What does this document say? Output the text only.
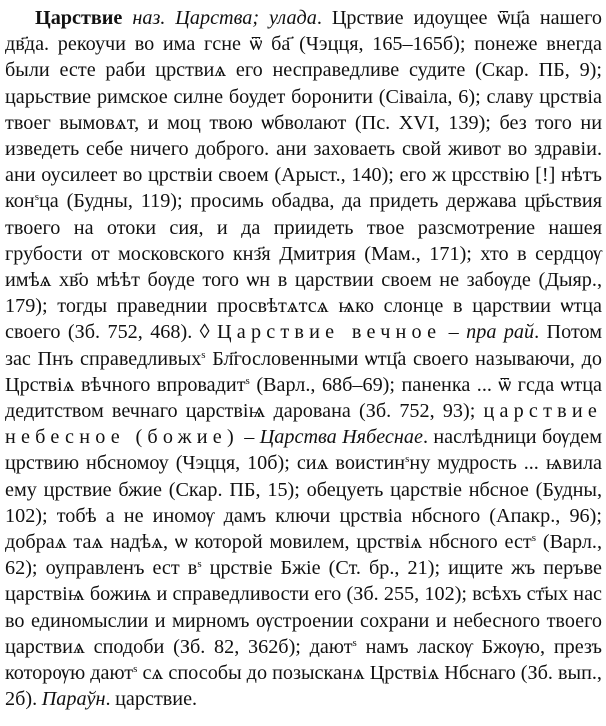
Царствие наз. Царства; улада. Црствие идоущее ѿц҃а нашего дв҃да. рекоучи во има гсне ѿ ба҃ (Чэцця, 165–165б); понеже внегда были есте раби црствиѧ его несправедливе судите (Скар. ПБ, 9); царьствие римское силне боудет боронити (Сіваіла, 6); славу црствіа твоег вымовѧт, и моц твою ѡбволают (Пс. XVI, 139); без того ни изведеть себе ничего доброго. ани заховаеть свой живот во здравіи. ани оусилеет во црствіи своем (Арыст., 140); его ж црсствію [!] нѣтъ кон$^s$ца (Будны, 119); просимь обадва, да придеть держава цр҃ьствия твоего на отоки сия, и да приидеть твое разсмотрение нашея грубости от московского кнз҃я Дмитрия (Мам., 171); хто в сердцѹ имѣѧ хв҃о мѣѣт бѹде того ѡн в царствии своем не забѹде (Дыяр., 179); тогды праведнии просвѣтѧтсѧ ѩко слонце в царствии ѡтца своего (Зб. 752, 468). ◊ Царствие вечное – пра рай. Потом зас Пнъ справедливых$^s$ Бл҃гословенными ѡтц҃а своего называючи, до Црствіѧ вѣчного впровадит$^s$ (Варл., 68б–69); паненка ... ѿ гсда ѡтца дедитством вечнаго царствіѩ дарована (Зб. 752, 93); царствие небесное (божие) – Царства Нябеснае. наслѣдници бѹдем црствию нбсномоу (Чэцця, 10б); сиѧ воистин$^s$ну мудрость ... ѩвила ему црствие бжие (Скар. ПБ, 15); обецуеть царствіе нбсное (Будны, 102); тобѣ а не иномѹ дамъ ключи црствіа нбсного (Апакр., 96); добраѧ таѧ надѣѧ, ѡ которой мовилем, црствіѧ нбсного ест$^s$ (Варл., 62); оуправленъ ест $в^s$ црствіе Бжіе (Ст. бр., 21); ищите жъ перъве царствіѩ божиѩ и справедливости его (Зб. 255, 102); всѣхъ ст҃ых нас во единомыслии и мирномъ ѹстроении сохрани и небесного твоего царствиѧ сподоби (Зб. 82, 362б); дают$^s$ намъ ласкѹ Бжѹю, презъ которѹю дают$^s$ сѧ способы до позысканѧ Црствіѧ Нбснаго (Зб. вып., 2б). Параўн. царствие.
